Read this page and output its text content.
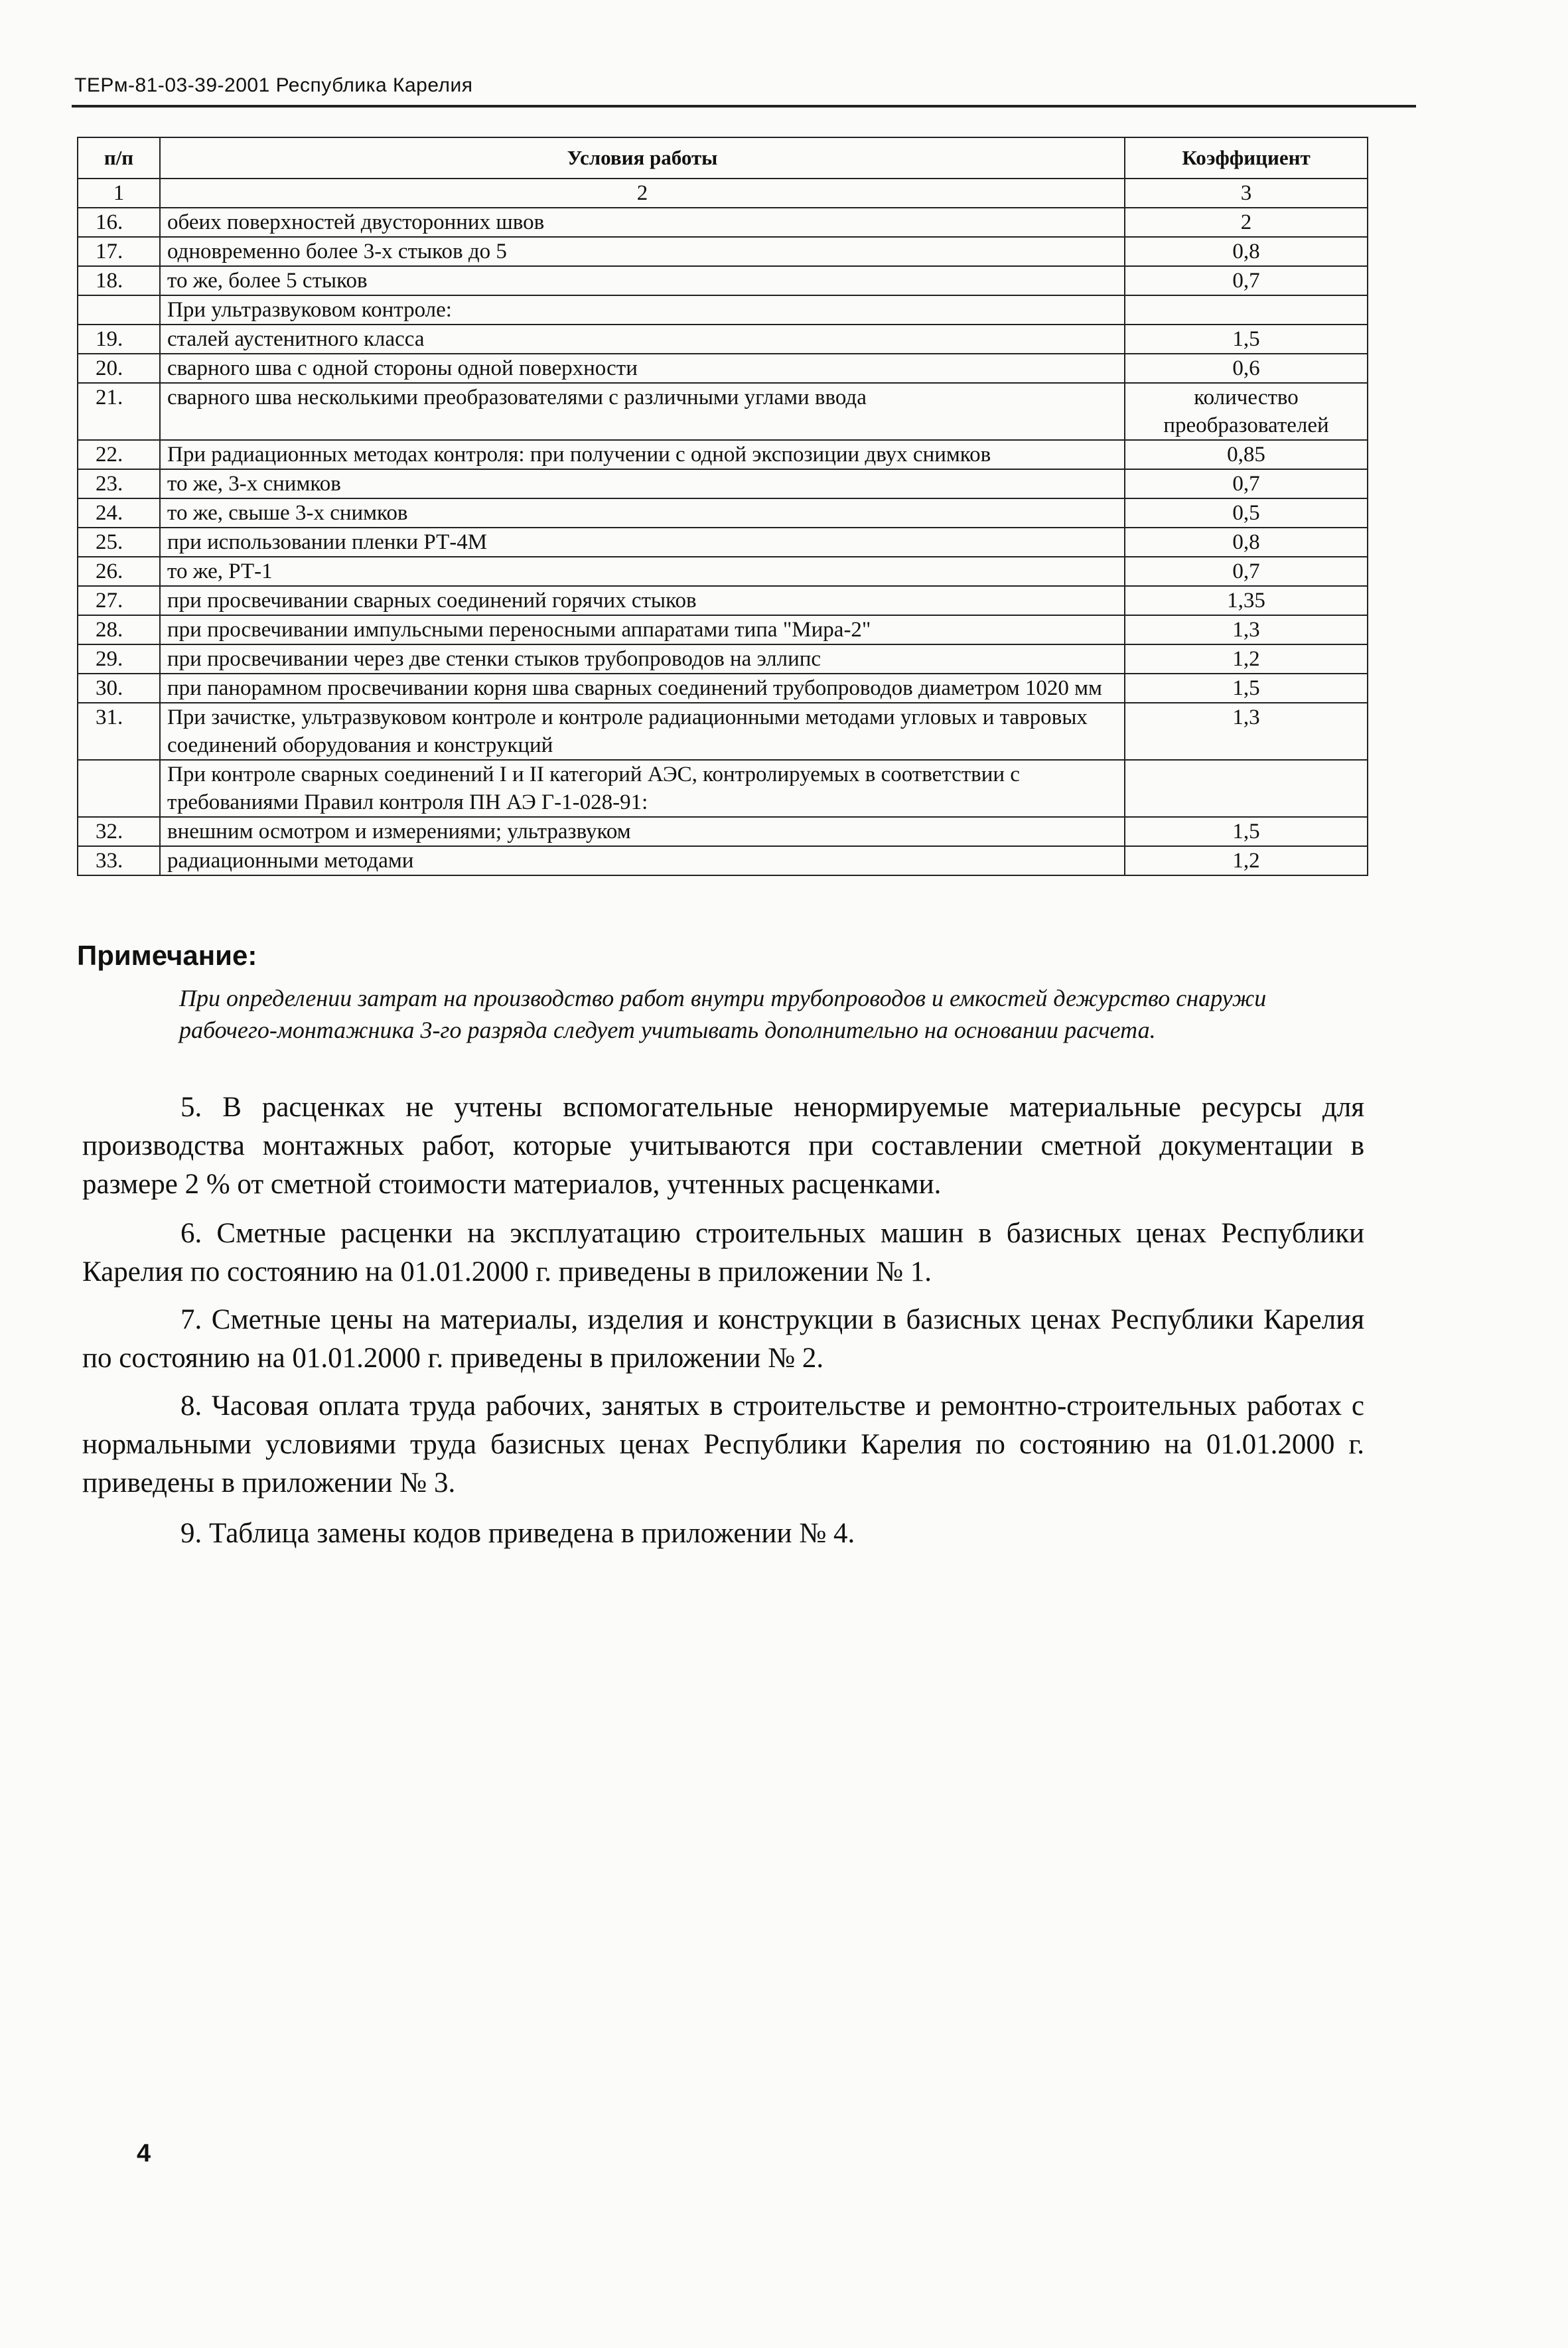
ТЕРм-81-03-39-2001 Республика Карелия
п/п	Условия работы	Коэффициент
1	2	3
16.	обеих поверхностей двусторонних швов	2
17.	одновременно более 3-х стыков до 5	0,8
18.	то же, более 5 стыков	0,7
	При ультразвуковом контроле:	
19.	сталей аустенитного класса	1,5
20.	сварного шва с одной стороны одной поверхности	0,6
21.	сварного шва несколькими преобразователями с различными углами ввода	количество преобразователей
22.	При радиационных методах контроля: при получении с одной экспозиции двух снимков	0,85
23.	то же, 3-х снимков	0,7
24.	то же, свыше 3-х снимков	0,5
25.	при использовании пленки РТ-4М	0,8
26.	то же, РТ-1	0,7
27.	при просвечивании сварных соединений горячих стыков	1,35
28.	при просвечивании импульсными переносными аппаратами типа "Мира-2"	1,3
29.	при просвечивании через две стенки стыков трубопроводов на эллипс	1,2
30.	при панорамном просвечивании корня шва сварных соединений трубопроводов диаметром 1020 мм	1,5
31.	При зачистке, ультразвуковом контроле и контроле радиационными методами угловых и тавровых соединений оборудования и конструкций	1,3
	При контроле сварных соединений I и II категорий АЭС, контролируемых в соответствии с требованиями Правил контроля ПН АЭ Г-1-028-91:	
32.	внешним осмотром и измерениями; ультразвуком	1,5
33.	радиационными методами	1,2
Примечание:
При определении затрат на производство работ внутри трубопроводов и емкостей дежурство снаружи рабочего-монтажника 3-го разряда следует учитывать дополнительно на основании расчета.
5. В расценках не учтены вспомогательные ненормируемые материальные ресурсы для производства монтажных работ, которые учитываются при составлении сметной документации в размере 2 % от сметной стоимости материалов, учтенных расценками.
6. Сметные расценки на эксплуатацию строительных машин в базисных ценах Республики Карелия по состоянию на 01.01.2000 г. приведены в приложении № 1.
7. Сметные цены на материалы, изделия и конструкции в базисных ценах Республики Карелия по состоянию на 01.01.2000 г. приведены в приложении № 2.
8. Часовая оплата труда рабочих, занятых в строительстве и ремонтно-строительных работах с нормальными условиями труда базисных ценах Республики Карелия по состоянию на 01.01.2000 г. приведены в приложении № 3.
9. Таблица замены кодов приведена в приложении № 4.
4
